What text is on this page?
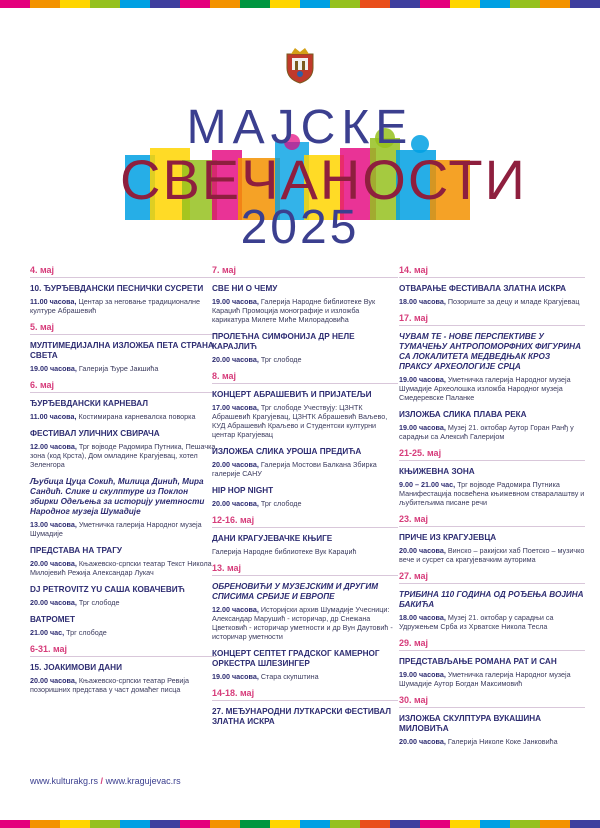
МАЈСКЕ
СВЕЧАНОСТИ
2025
4. мај
10. ЂУРЂЕВДАНСКИ ПЕСНИЧКИ СУСРЕТИ
11.00 часова, Центар за неговање традиционалне културе Абрашевић
5. мај
МУЛТИМЕДИЈАЛНА ИЗЛОЖБА ПЕТА СТРАНА СВЕТА
19.00 часова, Галерија Ђуре Јакшића
6. мај
ЂУРЂЕВДАНСКИ КАРНЕВАЛ
11.00 часова, Костимирана карневалска поворка
ФЕСТИВАЛ УЛИЧНИХ СВИРАЧА
12.00 часова, Трг војводе Радомира Путника, Пешачка зона (код Крста), Дом омладине Крагујевац, хотел Зеленгора
Љубица Цуца Сокић, Милица Динић, Мира Сандић. Слике и скулптуре из Поклон збирки Одељења за историју уметности Народног музеја Шумадије
13.00 часова, Уметничка галерија Народног музеја Шумадије
ПРЕДСТАВА НА ТРАГУ
20.00 часова, Књажевско-српски театар Текст Никола Милојевић Режија Александар Лукач
DJ PETROVITZ YU САША КОВАЧЕВИЋ
20.00 часова, Трг слободе
ВАТРОМЕТ
21.00 час, Трг слободе
6-31. мај
15. ЈОАКИМОВИ ДАНИ
20.00 часова, Књажевско-српски театар Ревија позоришних представа у част домаћег писца
7. мај
СВЕ НИ О ЧЕМУ
19.00 часова, Галерија Народне библиотеке Вук Караџић Промоција монографије и изложба карикатура Милете Миће Милорадовића
ПРОЛЕЋНА СИМФОНИЈА ДР НЕЛЕ КАРАЈЛИЋ
20.00 часова, Трг слободе
8. мај
КОНЦЕРТ АБРАШЕВИЋ И ПРИЈАТЕЉИ
17.00 часова, Трг слободе Учествују: ЦЗНТК Абрашевић Крагујевац, ЦЗНТК Абрашевић Ваљево, КУД Абрашевић Краљево и Студентски културни центар Крагујевац
ИЗЛОЖБА СЛИКА УРОША ПРЕДИЋА
20.00 часова, Галерија Мостови Балкана Збирка галерије САНУ
HIP HOP NIGHT
20.00 часова, Трг слободе
12-16. мај
ДАНИ КРАГУЈЕВАЧКЕ КЊИГЕ
Галерија Народне библиотеке Вук Караџић
13. мај
ОБРЕНОВИЋИ У МУЗЕЈСКИМ И ДРУГИМ СПИСИМА СРБИЈЕ И ЕВРОПЕ
12.00 часова, Историјски архив Шумадије Учесници: Александар Марушић - историчар, др Снежана Цветковић - историчар уметности и др Вун Даутовић - историчар уметности
КОНЦЕРТ СЕПТЕТ ГРАДСКОГ КАМЕРНОГ ОРКЕСТРА ШЛЕЗИНГЕР
19.00 часова, Стара скупштина
14-18. мај
27. МЕЂУНАРОДНИ ЛУТКАРСКИ ФЕСТИВАЛ ЗЛАТНА ИСКРА
14. мај
ОТВАРАЊЕ ФЕСТИВАЛА ЗЛАТНА ИСКРА
18.00 часова, Позориште за децу и младе Крагујевац
17. мај
ЧУВАМ ТЕ - НОВЕ ПЕРСПЕКТИВЕ У ТУМАЧЕЊУ АНТРОПОМОРФНИХ ФИГУРИНА СА ЛОКАЛИТЕТА МЕДВЕДЊАК КРОЗ ПРАКСУ АРХЕОЛОГИЈЕ СРЦА
19.00 часова, Уметничка галерија Народног музеја Шумадије Археолошка изложба Народног музеја Смедеревске Паланке
ИЗЛОЖБА СЛИКА ПЛАВА РЕКА
19.00 часова, Музеј 21. октобар Аутор Горан Ранђ у сарадњи са Алексић Галеријом
21-25. мај
КЊИЖЕВНА ЗОНА
9.00 – 21.00 час, Трг војводе Радомира Путника Манифестација посвећена књижевном стваралаштву и љубитељима писане речи
23. мај
ПРИЧЕ ИЗ КРАГУЈЕВЦА
20.00 часова, Винско – ракијски хаб Поетско – музичко вече и сусрет са крагујевачким ауторима
27. мај
ТРИБИНА 110 ГОДИНА ОД РОЂЕЊА ВОЈИНА БАКИЋА
18.00 часова, Музеј 21. октобар у сарадњи са Удружењем Срба из Хрватске Никола Тесла
29. мај
ПРЕДСТАВЉАЊЕ РОМАНА РАТ И САН
19.00 часова, Уметничка галерија Народног музеја Шумадије Аутор Богдан Максимовић
30. мај
ИЗЛОЖБА СКУЛПТУРА ВУКАШИНА МИЛОВИЋА
20.00 часова, Галерија Николе Коке Јанковића
www.kulturakg.rs / www.kragujevac.rs
